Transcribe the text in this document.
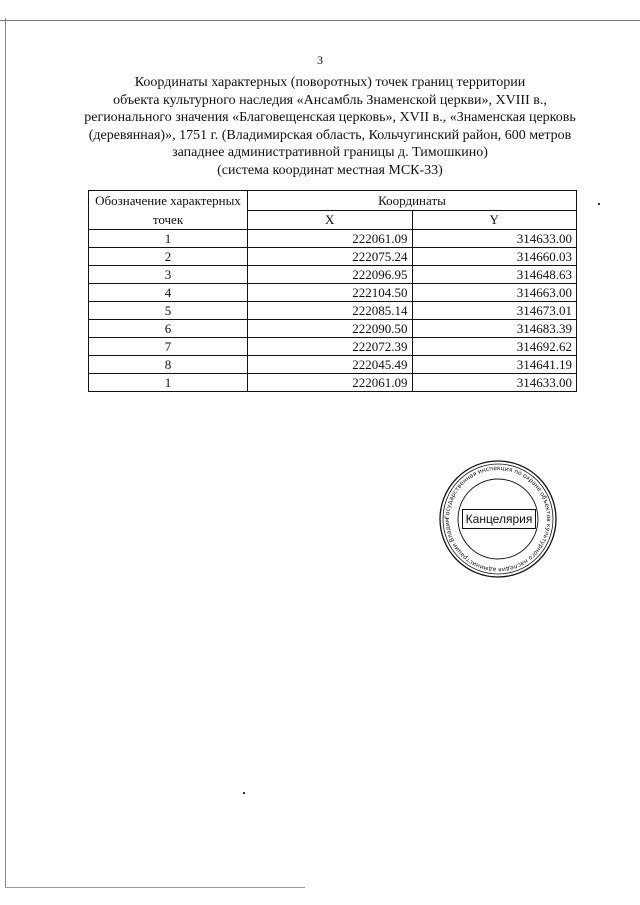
3
Координаты характерных (поворотных) точек границ территории
объекта культурного наследия «Ансамбль Знаменской церкви», XVIII в.,
регионального значения «Благовещенская церковь», XVII в., «Знаменская церковь
(деревянная)», 1751 г. (Владимирская область, Кольчугинский район, 600 метров
западнее административной границы д. Тимошкино)
(система координат местная МСК-33)
Обозначение характерных точек	Координаты	
	X	Y
1	222061.09	314633.00
2	222075.24	314660.03
3	222096.95	314648.63
4	222104.50	314663.00
5	222085.14	314673.01
6	222090.50	314683.39
7	222072.39	314692.62
8	222045.49	314641.19
1	222061.09	314633.00
Государственная инспекция по охране объектов культурного наследия администрации Владим	Канцелярия
